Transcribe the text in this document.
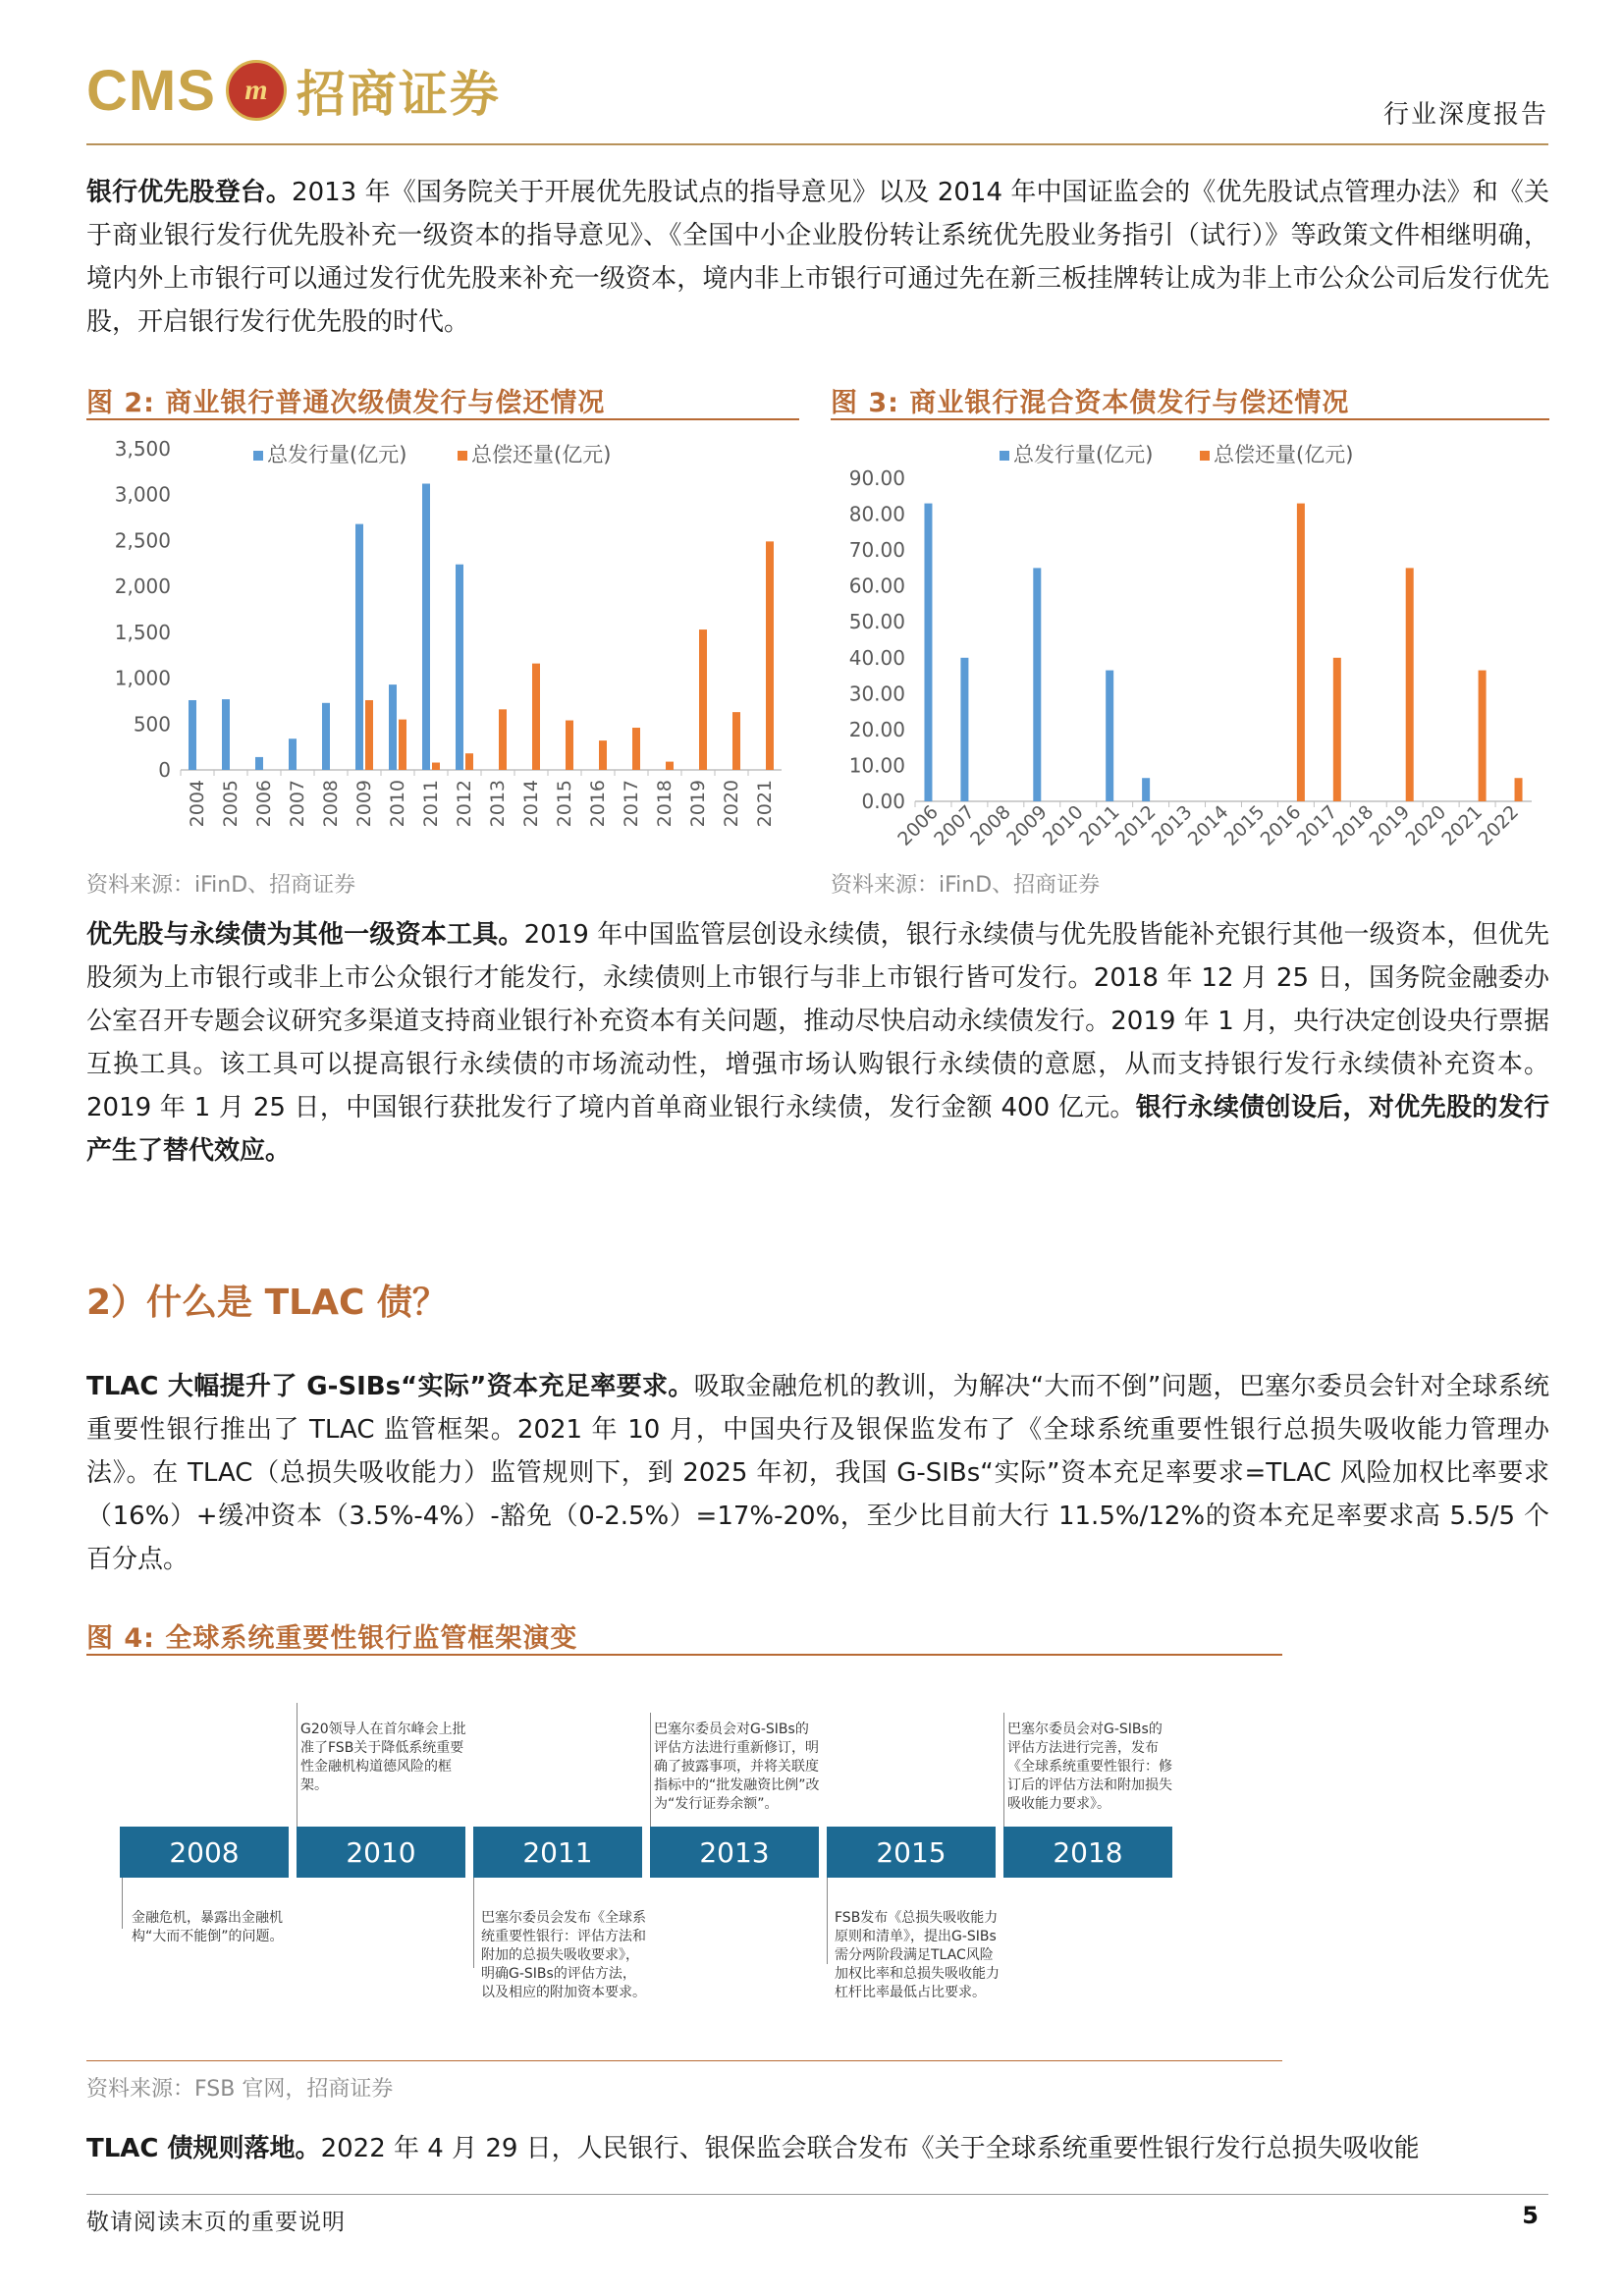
CMS m 招商证券	行业深度报告
银行优先股登台。2013 年《国务院关于开展优先股试点的指导意见》以及 2014 年中国证监会的《优先股试点管理办法》和《关于商业银行发行优先股补充一级资本的指导意见》、《全国中小企业股份转让系统优先股业务指引（试行）》等政策文件相继明确，境内外上市银行可以通过发行优先股来补充一级资本，境内非上市银行可通过先在新三板挂牌转让成为非上市公众公司后发行优先股，开启银行发行优先股的时代。
图 2: 商业银行普通次级债发行与偿还情况	图 3: 商业银行混合资本债发行与偿还情况
0
500
1,000
1,500
2,000
2,500
3,000
3,500
2004 2005 2006 2007 2008 2009 2010 2011 2012 2013 2014 2015 2016 2017 2018 2019 2020 2021
总发行量(亿元)	总偿还量(亿元)
0.00
10.00
20.00
30.00
40.00
50.00
60.00
70.00
80.00
90.00
2006
2007
2008
2009
2010
2011
2012
2013
2014
2015
2016
2017
2018
2019
2020
2021
2022
总发行量(亿元)	总偿还量(亿元)
资料来源：iFinD、招商证券	资料来源：iFinD、招商证券
优先股与永续债为其他一级资本工具。2019 年中国监管层创设永续债，银行永续债与优先股皆能补充银行其他一级资本，但优先股须为上市银行或非上市公众银行才能发行，永续债则上市银行与非上市银行皆可发行。2018 年 12 月 25 日，国务院金融委办公室召开专题会议研究多渠道支持商业银行补充资本有关问题，推动尽快启动永续债发行。2019 年 1 月，央行决定创设央行票据互换工具。该工具可以提高银行永续债的市场流动性，增强市场认购银行永续债的意愿，从而支持银行发行永续债补充资本。2019 年 1 月 25 日，中国银行获批发行了境内首单商业银行永续债，发行金额 400 亿元。银行永续债创设后，对优先股的发行产生了替代效应。
2）什么是 TLAC 债？
TLAC 大幅提升了 G-SIBs“实际”资本充足率要求。吸取金融危机的教训，为解决“大而不倒”问题，巴塞尔委员会针对全球系统重要性银行推出了 TLAC 监管框架。2021 年 10 月，中国央行及银保监发布了《全球系统重要性银行总损失吸收能力管理办法》。在 TLAC（总损失吸收能力）监管规则下，到 2025 年初，我国 G-SIBs“实际”资本充足率要求=TLAC 风险加权比率要求（16%）+缓冲资本（3.5%-4%）-豁免（0-2.5%）=17%-20%，至少比目前大行 11.5%/12%的资本充足率要求高 5.5/5 个百分点。
图 4: 全球系统重要性银行监管框架演变
2008	2010	2011	2013	2015	2018
G20领导人在首尔峰会上批准了FSB关于降低系统重要性金融机构道德风险的框架。
巴塞尔委员会对G-SIBs的评估方法进行重新修订，明确了披露事项，并将关联度指标中的“批发融资比例”改为“发行证券余额”。
巴塞尔委员会对G-SIBs的评估方法进行完善，发布《全球系统重要性银行：修订后的评估方法和附加损失吸收能力要求》。
金融危机，暴露出金融机构“大而不能倒”的问题。
巴塞尔委员会发布《全球系统重要性银行：评估方法和附加的总损失吸收要求》，明确G-SIBs的评估方法，以及相应的附加资本要求。
FSB发布《总损失吸收能力原则和清单》，提出G-SIBs需分两阶段满足TLAC风险加权比率和总损失吸收能力杠杆比率最低占比要求。
资料来源：FSB 官网，招商证券
TLAC 债规则落地。2022 年 4 月 29 日，人民银行、银保监会联合发布《关于全球系统重要性银行发行总损失吸收能
敬请阅读末页的重要说明	5
